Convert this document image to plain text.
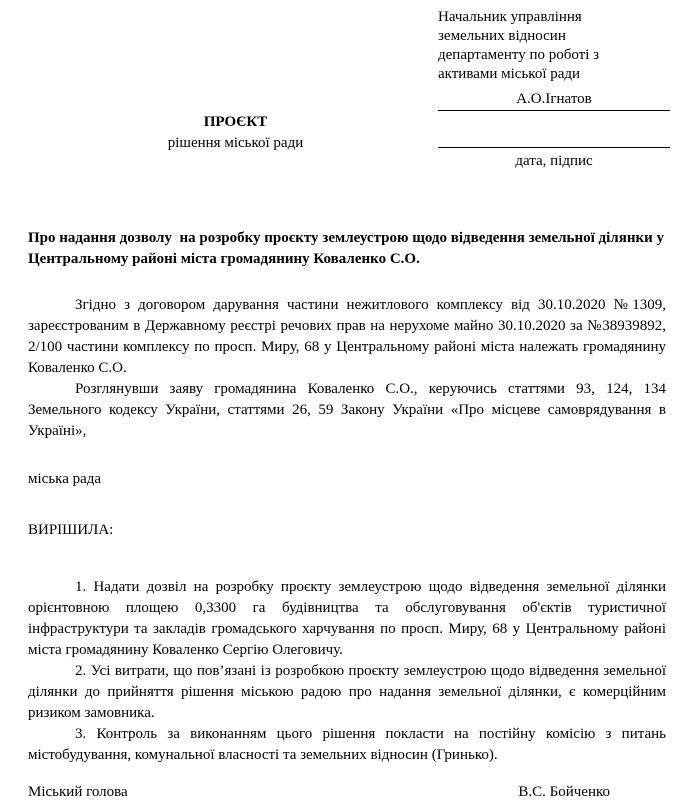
Начальник управління
земельних відносин
департаменту по роботі з
активами міської ради
А.О.Ігнатов
дата, підпис
ПРОЄКТ
рішення міської ради

Про надання дозволу  на розробку проєкту землеустрою щодо відведення земельної ділянки у Центральному районі міста громадянину Коваленко С.О.

Згідно з договором дарування частини нежитлового комплексу від 30.10.2020 №1309, зареєстрованим в Державному реєстрі речових прав на нерухоме майно 30.10.2020 за №38939892, 2/100 частини комплексу по просп. Миру, 68 у Центральному районі міста належать громадянину Коваленко С.О.

Розглянувши заяву громадянина Коваленко С.О., керуючись статтями 93, 124, 134 Земельного кодексу України, статтями 26, 59 Закону України «Про місцеве самоврядування в Україні»,

міська рада
ВИРІШИЛА:

1. Надати дозвіл на розробку проєкту землеустрою щодо відведення земельної ділянки орієнтовною площею 0,3300 га будівництва та обслуговування об'єктів туристичної інфраструктури та закладів громадського харчування по просп. Миру, 68 у Центральному районі міста громадянину Коваленко Сергію Олеговичу.

2. Усі витрати, що пов’язані із розробкою проєкту землеустрою щодо відведення земельної ділянки до прийняття рішення міською радою про надання земельної ділянки, є комерційним ризиком замовника.

3. Контроль за виконанням цього рішення покласти на постійну комісію з питань містобудування, комунальної власності та земельних відносин (Гринько).

Міський голова	В.С. Бойченко
